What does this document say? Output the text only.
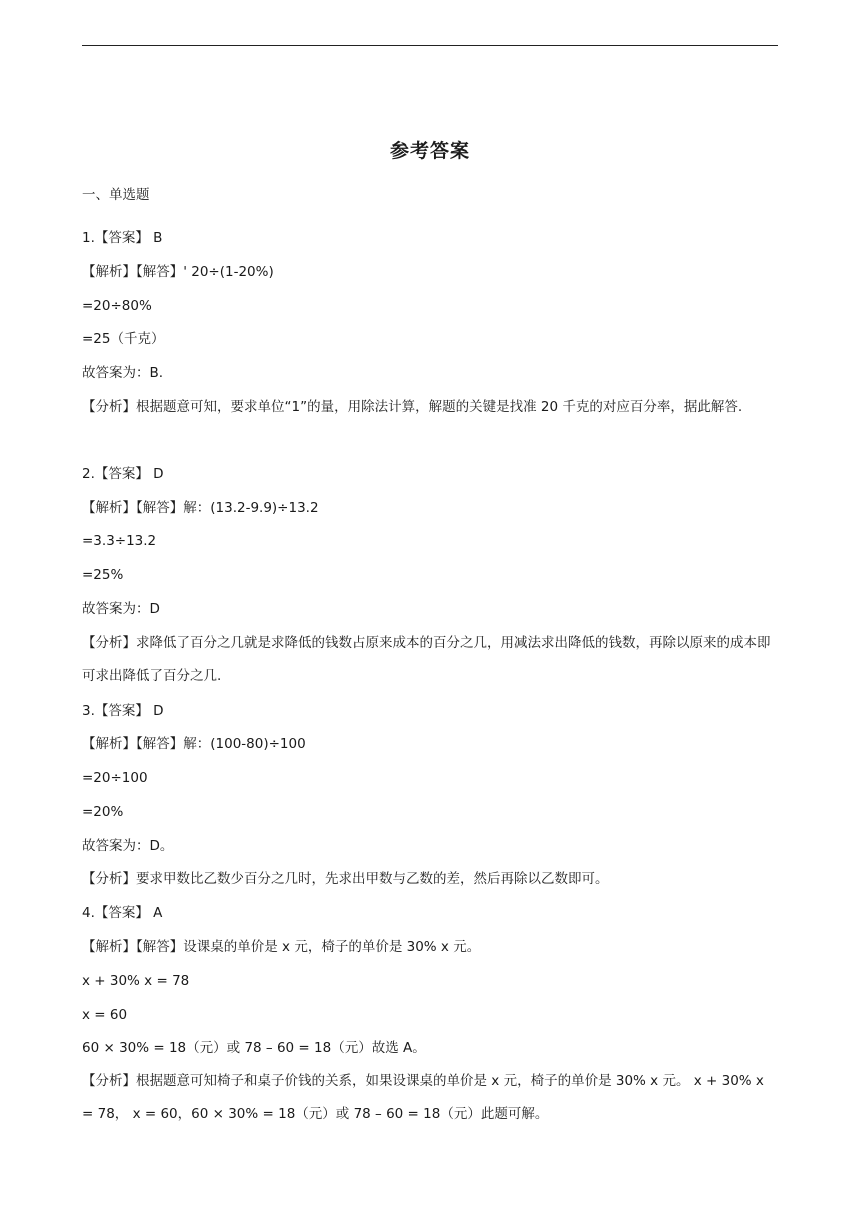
参考答案
一、单选题
1.【答案】 B
【解析】【解答】' 20÷(1-20%)
=20÷80%
=25（千克）
故答案为：B.
【分析】根据题意可知，要求单位“1”的量，用除法计算，解题的关键是找准 20 千克的对应百分率，据此解答.
2.【答案】 D
【解析】【解答】解：(13.2-9.9)÷13.2
=3.3÷13.2
=25%
故答案为：D
【分析】求降低了百分之几就是求降低的钱数占原来成本的百分之几，用减法求出降低的钱数，再除以原来的成本即可求出降低了百分之几.
3.【答案】 D
【解析】【解答】解：(100-80)÷100
=20÷100
=20%
故答案为：D。
【分析】要求甲数比乙数少百分之几时，先求出甲数与乙数的差，然后再除以乙数即可。
4.【答案】 A
【解析】【解答】设课桌的单价是 x 元，椅子的单价是 30% x 元。
x + 30% x = 78
x = 60
60 × 30% = 18（元）或 78 – 60 = 18（元）故选 A。
【分析】根据题意可知椅子和桌子价钱的关系，如果设课桌的单价是 x 元，椅子的单价是 30% x 元。 x + 30% x = 78， x = 60，60 × 30% = 18（元）或 78 – 60 = 18（元）此题可解。
